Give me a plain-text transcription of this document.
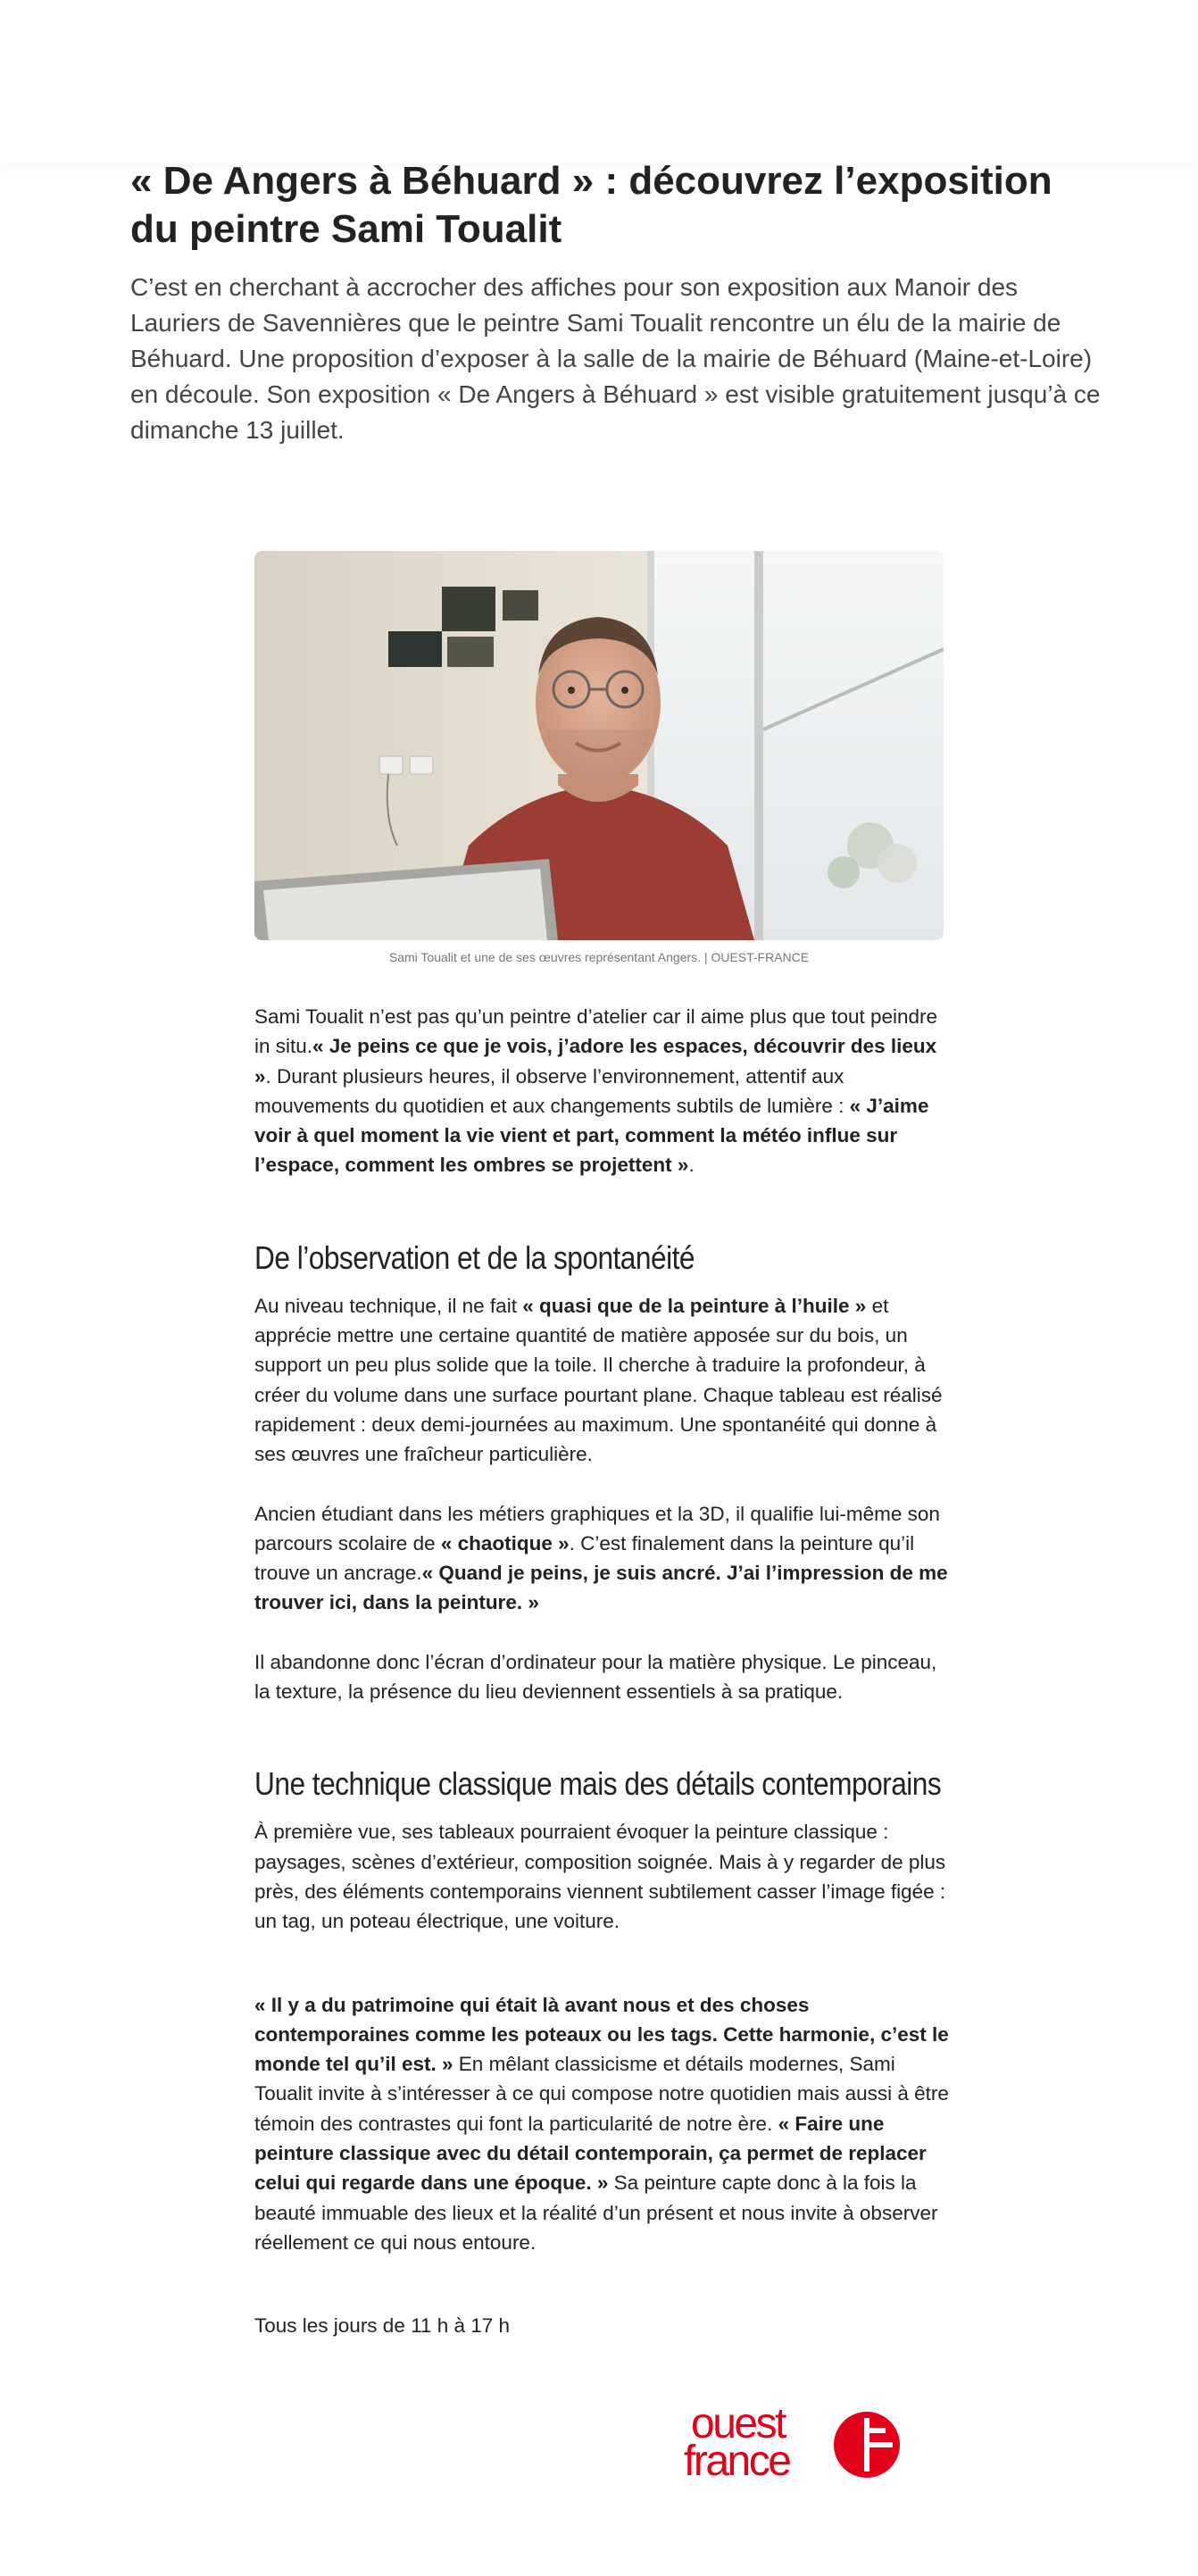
« De Angers à Béhuard » : découvrez l’exposition du peintre Sami Toualit

C’est en cherchant à accrocher des affiches pour son exposition aux Manoir des Lauriers de Savennières que le peintre Sami Toualit rencontre un élu de la mairie de Béhuard. Une proposition d’exposer à la salle de la mairie de Béhuard (Maine-et-Loire) en découle. Son exposition « De Angers à Béhuard » est visible gratuitement jusqu’à ce dimanche 13 juillet.

Sami Toualit et une de ses œuvres représentant Angers. | OUEST-FRANCE

Sami Toualit n’est pas qu’un peintre d’atelier car il aime plus que tout peindre in situ.« Je peins ce que je vois, j’adore les espaces, découvrir des lieux ». Durant plusieurs heures, il observe l’environnement, attentif aux mouvements du quotidien et aux changements subtils de lumière : « J’aime voir à quel moment la vie vient et part, comment la météo influe sur l’espace, comment les ombres se projettent ».

De l’observation et de la spontanéité

Au niveau technique, il ne fait « quasi que de la peinture à l’huile » et apprécie mettre une certaine quantité de matière apposée sur du bois, un support un peu plus solide que la toile. Il cherche à traduire la profondeur, à créer du volume dans une surface pourtant plane. Chaque tableau est réalisé rapidement : deux demi-journées au maximum. Une spontanéité qui donne à ses œuvres une fraîcheur particulière.

Ancien étudiant dans les métiers graphiques et la 3D, il qualifie lui-même son parcours scolaire de « chaotique ». C’est finalement dans la peinture qu’il trouve un ancrage.« Quand je peins, je suis ancré. J’ai l’impression de me trouver ici, dans la peinture. »

Il abandonne donc l’écran d’ordinateur pour la matière physique. Le pinceau, la texture, la présence du lieu deviennent essentiels à sa pratique.

Une technique classique mais des détails contemporains

À première vue, ses tableaux pourraient évoquer la peinture classique : paysages, scènes d’extérieur, composition soignée. Mais à y regarder de plus près, des éléments contemporains viennent subtilement casser l’image figée : un tag, un poteau électrique, une voiture.

« Il y a du patrimoine qui était là avant nous et des choses contemporaines comme les poteaux ou les tags. Cette harmonie, c’est le monde tel qu’il est. » En mêlant classicisme et détails modernes, Sami Toualit invite à s’intéresser à ce qui compose notre quotidien mais aussi à être témoin des contrastes qui font la particularité de notre ère. « Faire une peinture classique avec du détail contemporain, ça permet de replacer celui qui regarde dans une époque. » Sa peinture capte donc à la fois la beauté immuable des lieux et la réalité d’un présent et nous invite à observer réellement ce qui nous entoure.

Tous les jours de 11 h à 17 h

ouest
france
